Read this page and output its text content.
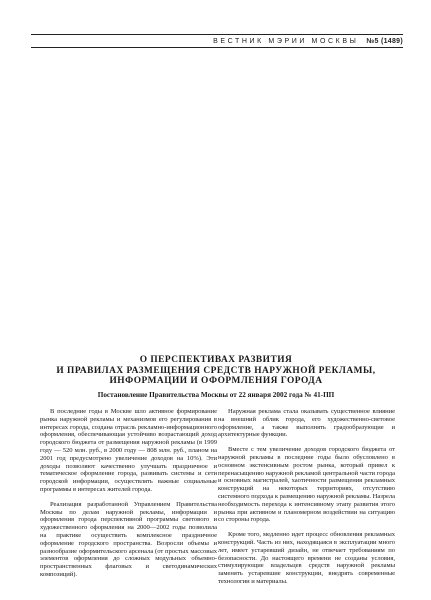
ВЕСТНИК МЭРИИ МОСКВЫ №5 (1489)
О ПЕРСПЕКТИВАХ РАЗВИТИЯ
И ПРАВИЛАХ РАЗМЕЩЕНИЯ СРЕДСТВ НАРУЖНОЙ РЕКЛАМЫ,
ИНФОРМАЦИИ И ОФОРМЛЕНИЯ ГОРОДА
Постановление Правительства Москвы от 22 января 2002 года № 41-ПП

В последние годы в Москве шло активное формирование рынка наружной рекламы и механизмов его регулирования в интересах города, создана отрасль рекламно-информационного оформления, обеспечивающая устойчиво возрастающий доход городского бюджета от размещения наружной рекламы (в 1999 году — 520 млн. руб., в 2000 году — 808 млн. руб., планом на 2001 год предусмотрено увеличение доходов на 10%). Эти доходы позволяют качественно улучшать праздничное и тематическое оформление города, развивать системы и сети городской информации, осуществлять важные социальные программы в интересах жителей города.

Реализация разработанной Управлением Правительства Москвы по делам наружной рекламы, информации и оформления города перспективной программы светового и художественного оформления на 2000—2002 годы позволила на практике осуществить комплексное праздничное оформление городского пространства. Возросли объемы и разнообразие оформительского арсенала (от простых массовых элементов оформления до сложных модульных объемно-пространственных флаговых и светодинамических композиций).

Наружная реклама стала оказывать существенное влияние на внешний облик города, его художественно-световое оформление, а также выполнять градообразующие и архитектурные функции.

Вместе с тем увеличение доходов городского бюджета от наружной рекламы в последние годы было обусловлено в основном экстенсивным ростом рынка, который привел к перенасыщению наружной рекламой центральной части города и основных магистралей, хаотичности размещения рекламных конструкций на некоторых территориях, отсутствию системного подхода к размещению наружной рекламы. Назрела необходимость перехода к интенсивному этапу развития этого рынка при активном и планомерном воздействии на ситуацию со стороны города.

Кроме того, медленно идет процесс обновления рекламных конструкций. Часть из них, находящаяся в эксплуатации много лет, имеет устаревший дизайн, не отвечает требованиям по безопасности. До настоящего времени не созданы условия, стимулирующие владельцев средств наружной рекламы заменять устаревшие конструкции, внедрять современные технологии и материалы.
